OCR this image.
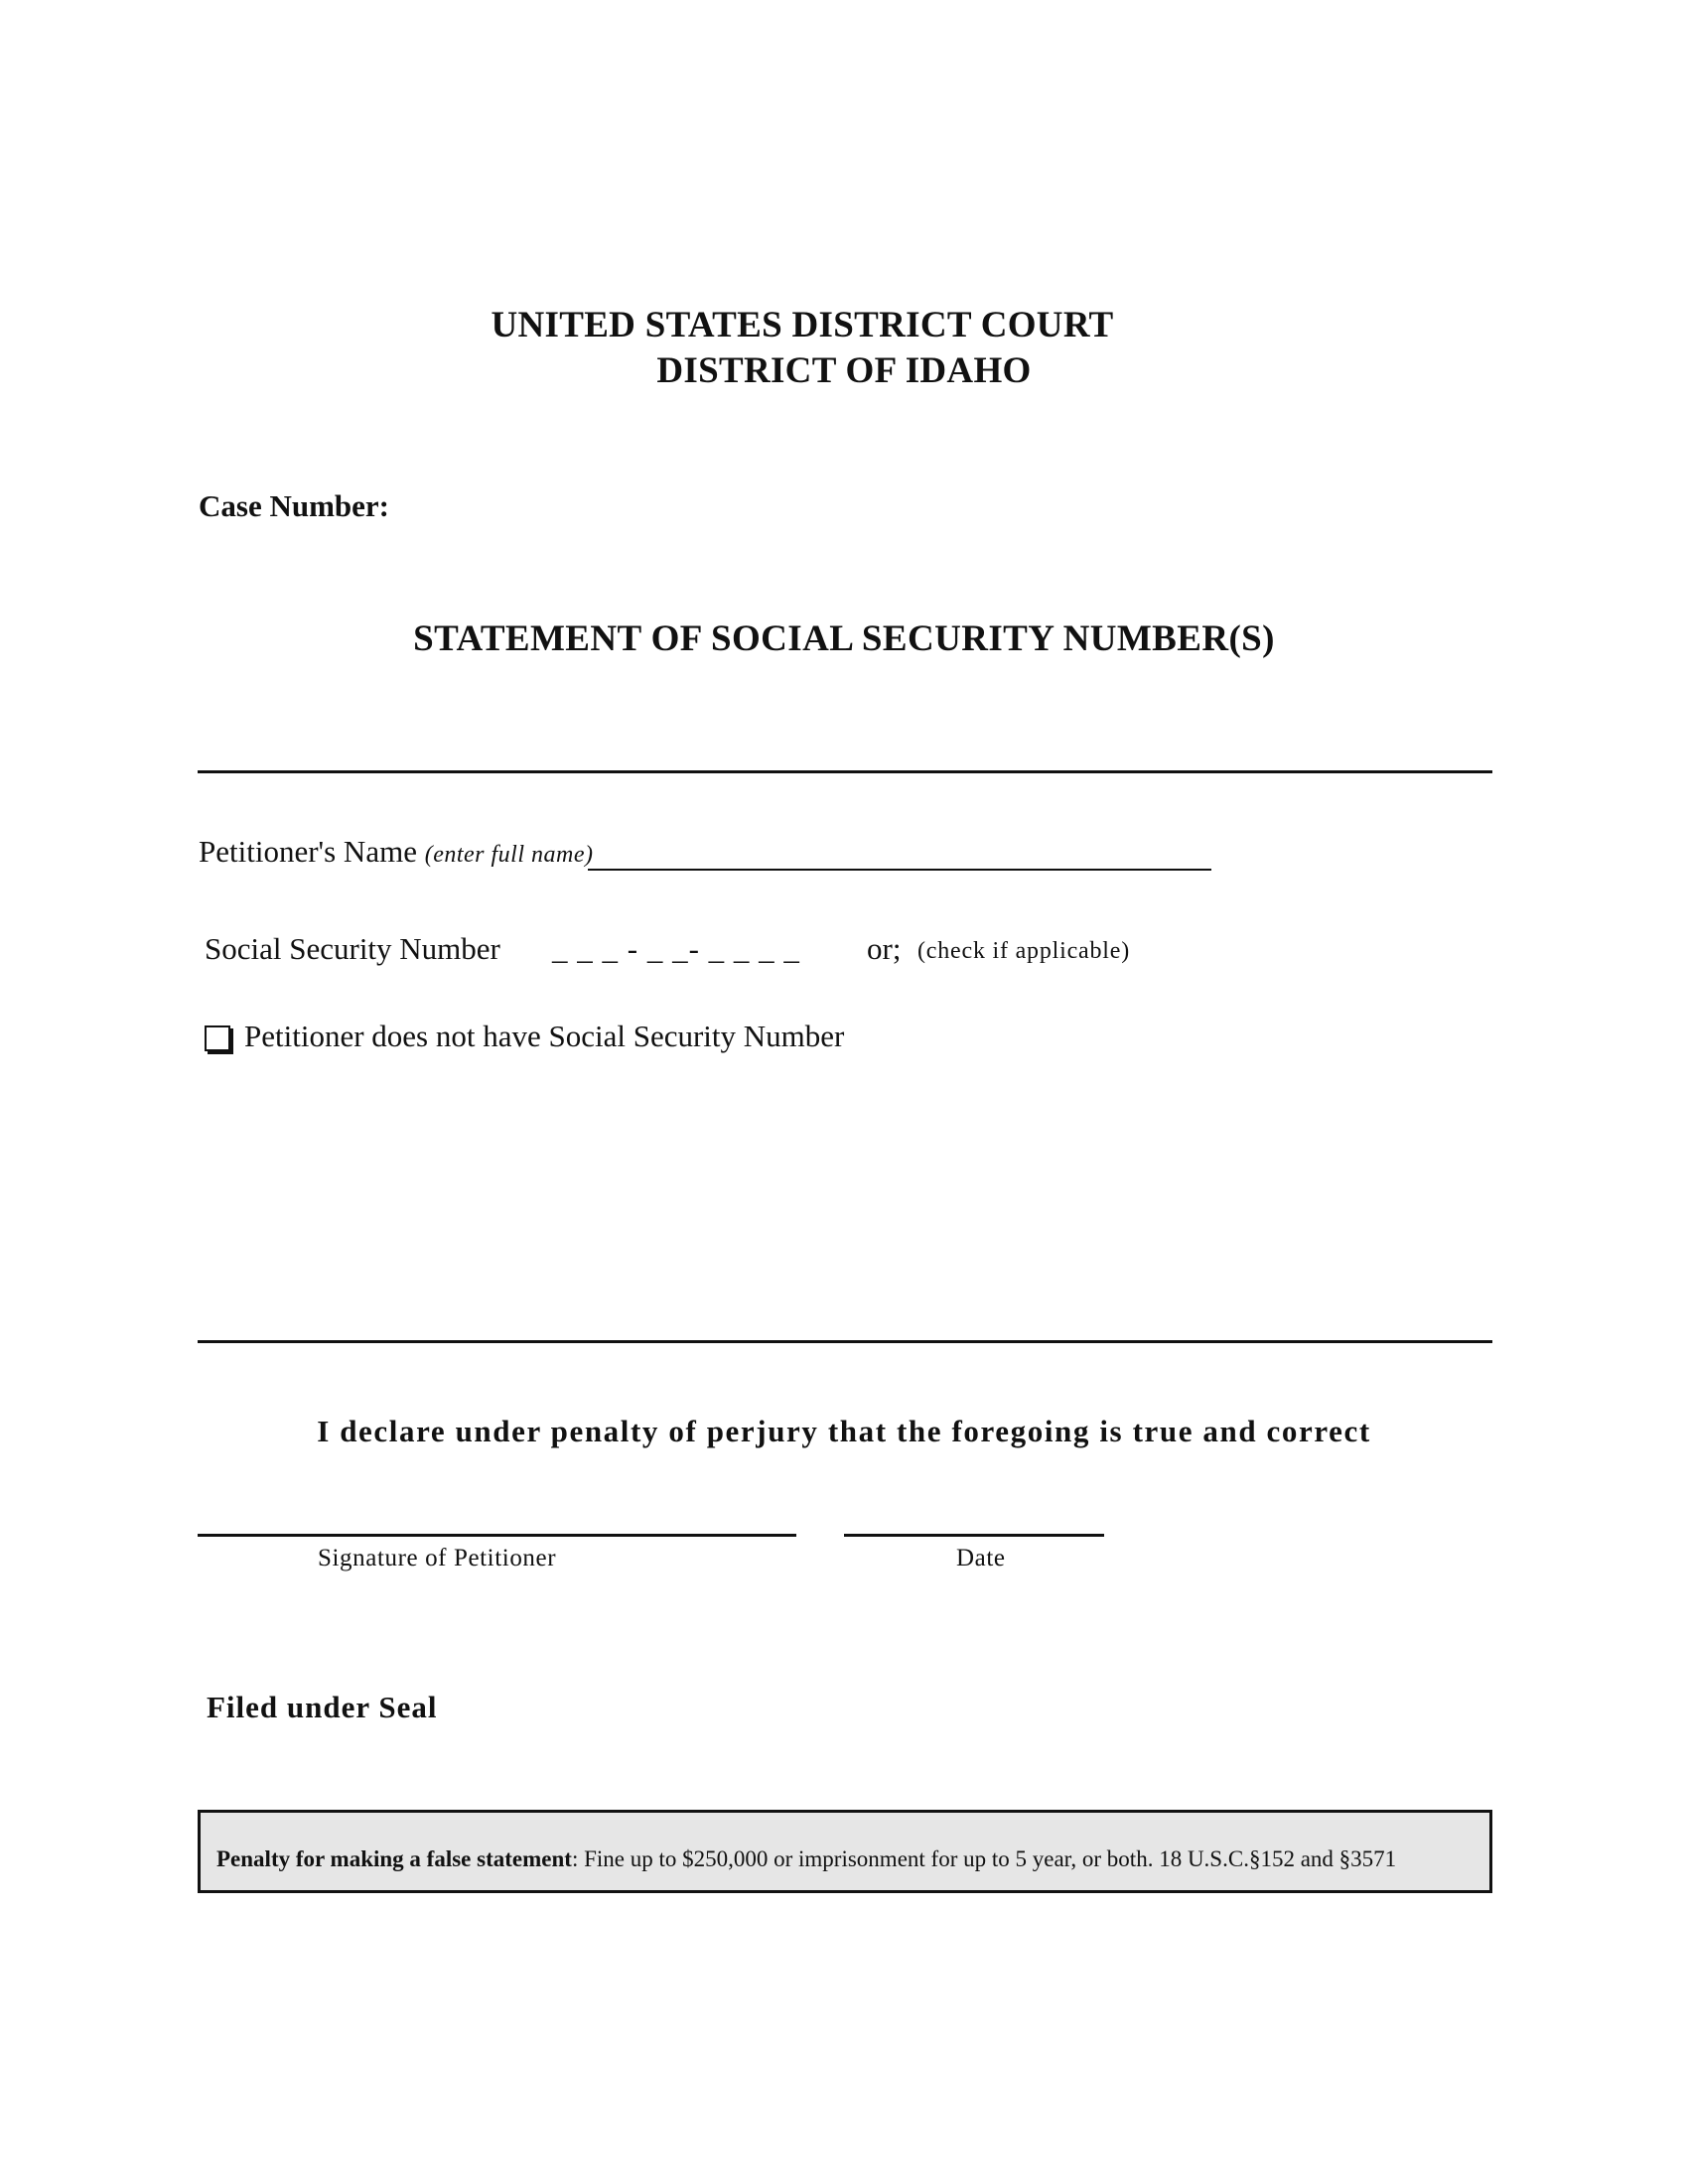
UNITED STATES DISTRICT COURT
DISTRICT OF IDAHO
Case Number:
STATEMENT OF SOCIAL SECURITY NUMBER(S)
Petitioner's Name (enter full name)
Social Security Number _ _ _ - _ _- _ _ _ _ or; (check if applicable)
Petitioner does not have Social Security Number
I declare under penalty of perjury that the foregoing is true and correct
Signature of Petitioner	Date
Filed under Seal
Penalty for making a false statement: Fine up to $250,000 or imprisonment for up to 5 year, or both. 18 U.S.C.§152 and §3571
